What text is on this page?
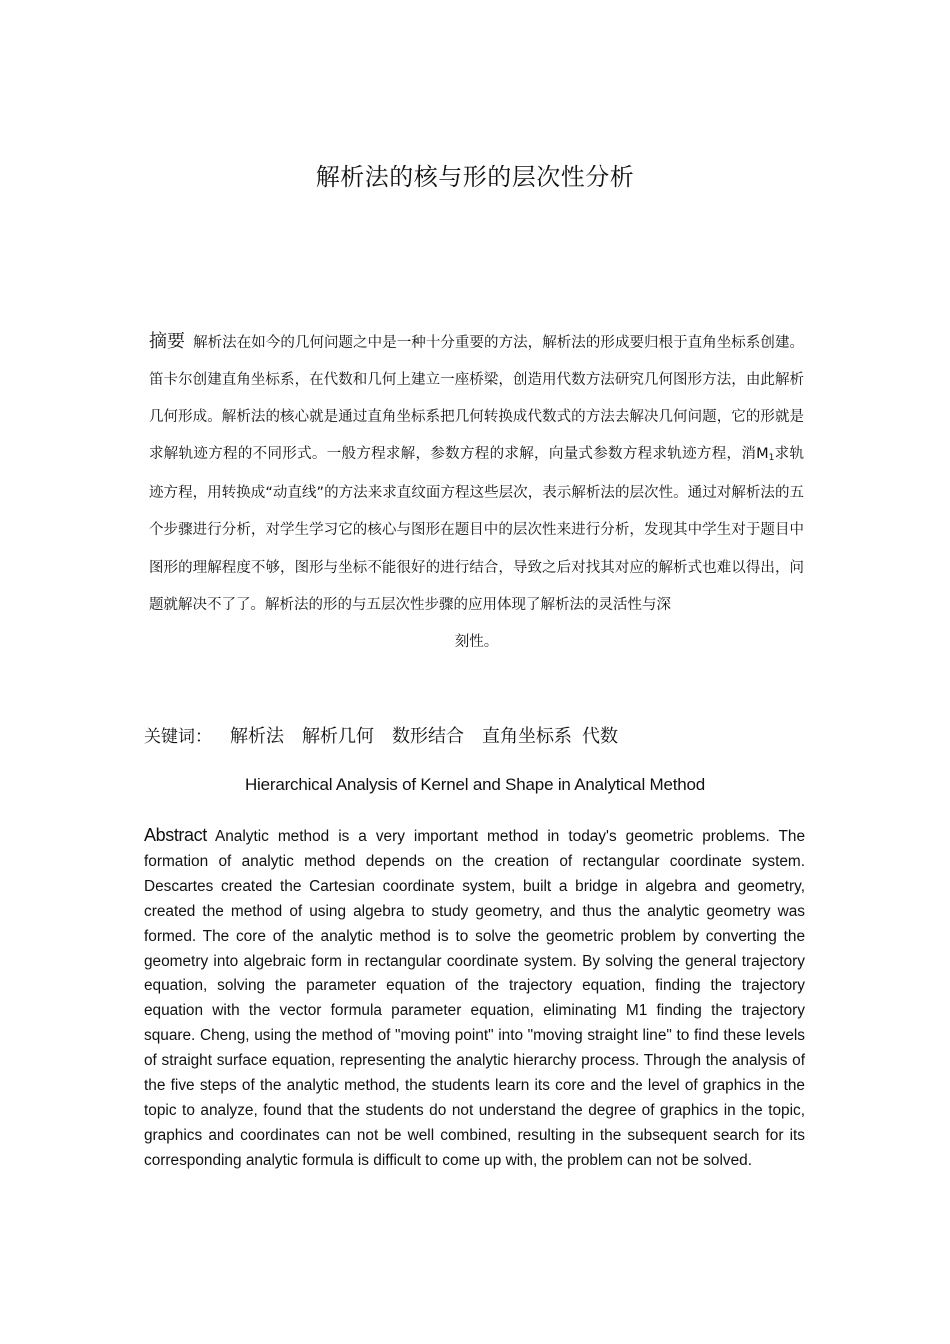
解析法的核与形的层次性分析
摘要 解析法在如今的几何问题之中是一种十分重要的方法，解析法的形成要归根于直角坐标系创建。笛卡尔创建直角坐标系，在代数和几何上建立一座桥梁，创造用代数方法研究几何图形方法，由此解析几何形成。解析法的核心就是通过直角坐标系把几何转换成代数式的方法去解决几何问题，它的形就是求解轨迹方程的不同形式。一般方程求解，参数方程的求解，向量式参数方程求轨迹方程，消$M_1$求轨迹方程，用转换成“动直线”的方法来求直纹面方程这些层次，表示解析法的层次性。通过对解析法的五个步骤进行分析，对学生学习它的核心与图形在题目中的层次性来进行分析，发现其中学生对于题目中图形的理解程度不够，图形与坐标不能很好的进行结合，导致之后对找其对应的解析式也难以得出，问题就解决不了了。解析法的形的与五层次性步骤的应用体现了解析法的灵活性与深
刻性。
关键词： 解析法 解析几何 数形结合 直角坐标系 代数
Hierarchical Analysis of Kernel and Shape in Analytical Method
Abstract Analytic method is a very important method in today's geometric problems. The formation of analytic method depends on the creation of rectangular coordinate system. Descartes created the Cartesian coordinate system, built a bridge in algebra and geometry, created the method of using algebra to study geometry, and thus the analytic geometry was formed. The core of the analytic method is to solve the geometric problem by converting the geometry into algebraic form in rectangular coordinate system. By solving the general trajectory equation, solving the parameter equation of the trajectory equation, finding the trajectory equation with the vector formula parameter equation, eliminating M1 finding the trajectory square. Cheng, using the method of "moving point" into "moving straight line" to find these levels of straight surface equation, representing the analytic hierarchy process. Through the analysis of the five steps of the analytic method, the students learn its core and the level of graphics in the topic to analyze, found that the students do not understand the degree of graphics in the topic, graphics and coordinates can not be well combined, resulting in the subsequent search for its corresponding analytic formula is difficult to come up with, the problem can not be solved.
